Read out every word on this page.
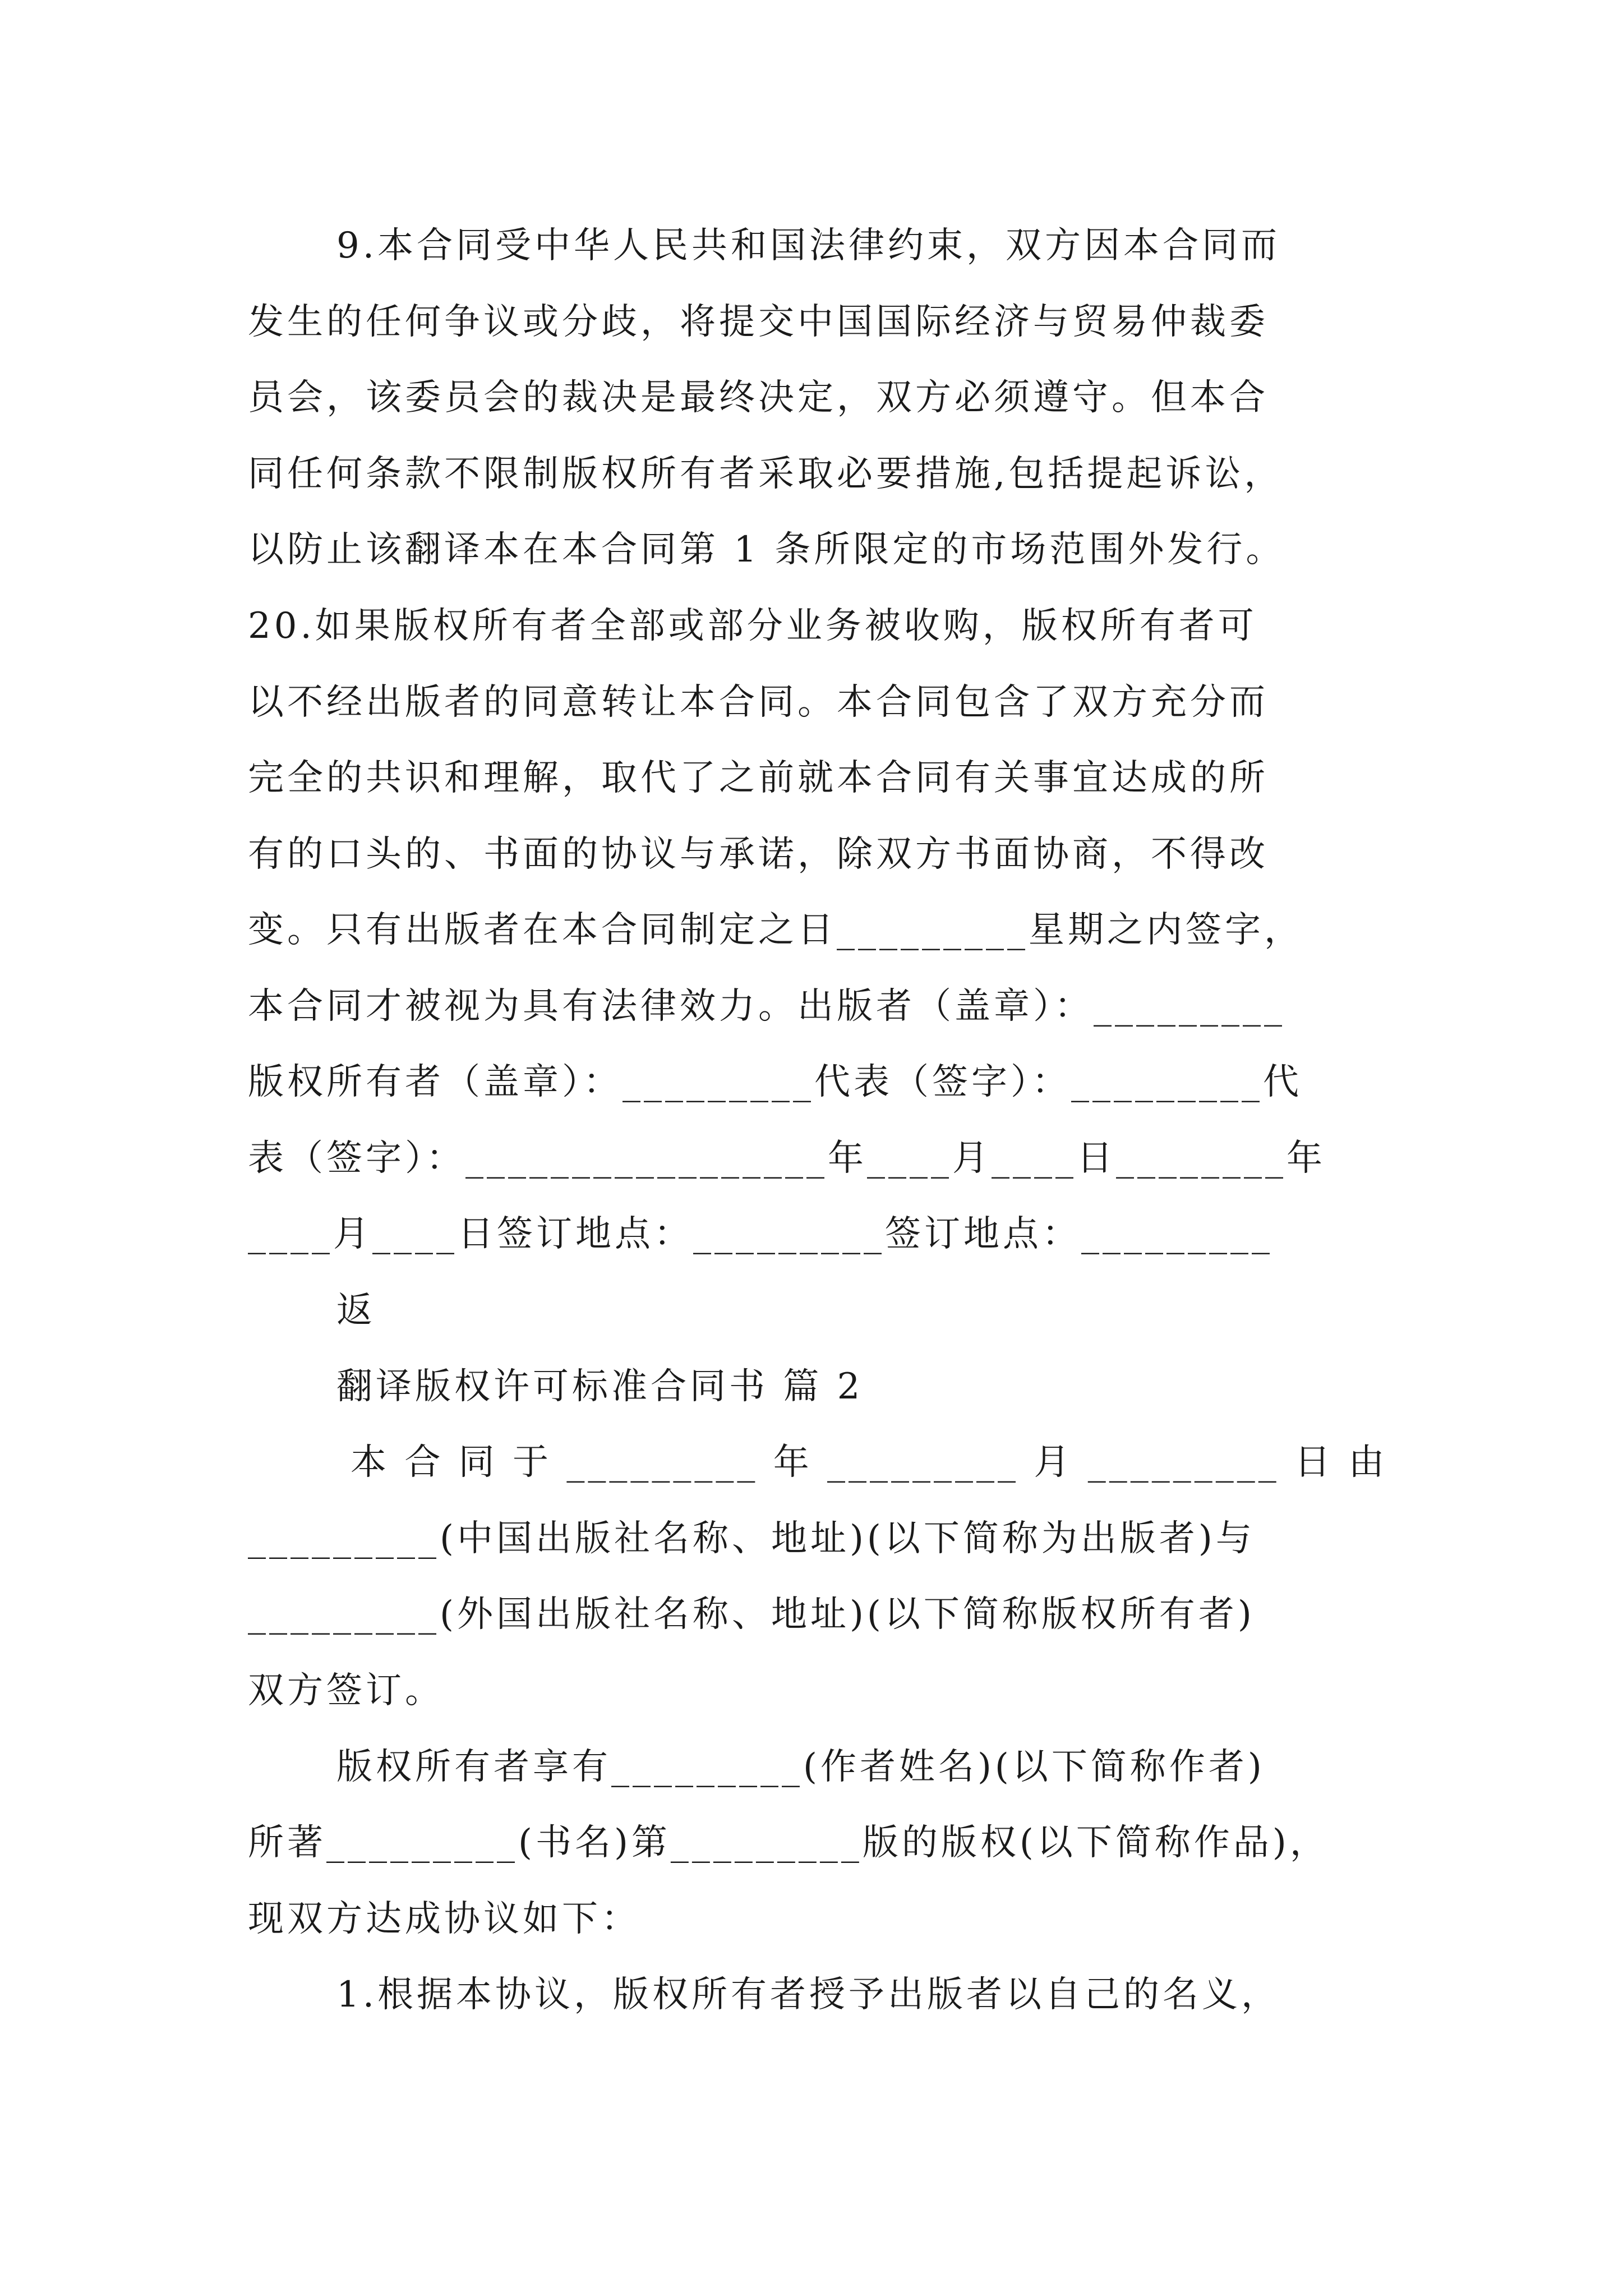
9.本合同受中华人民共和国法律约束，双方因本合同而
发生的任何争议或分歧，将提交中国国际经济与贸易仲裁委
员会，该委员会的裁决是最终决定，双方必须遵守。但本合
同任何条款不限制版权所有者采取必要措施,包括提起诉讼，
以防止该翻译本在本合同第 1 条所限定的市场范围外发行。
20.如果版权所有者全部或部分业务被收购，版权所有者可
以不经出版者的同意转让本合同。本合同包含了双方充分而
完全的共识和理解，取代了之前就本合同有关事宜达成的所
有的口头的、书面的协议与承诺，除双方书面协商，不得改
变。只有出版者在本合同制定之日_________星期之内签字，
本合同才被视为具有法律效力。出版者（盖章）：_________
版权所有者（盖章）：_________代表（签字）：_________代
表（签字）：_________________年____月____日________年
____月____日签订地点：_________签订地点：_________
返
翻译版权许可标准合同书 篇 2
本 合 同 于 _________ 年 _________ 月 _________ 日 由
_________(中国出版社名称、地址)(以下简称为出版者)与
_________(外国出版社名称、地址)(以下简称版权所有者)
双方签订。
版权所有者享有_________(作者姓名)(以下简称作者)
所著_________(书名)第_________版的版权(以下简称作品)，
现双方达成协议如下：
1.根据本协议，版权所有者授予出版者以自己的名义，
